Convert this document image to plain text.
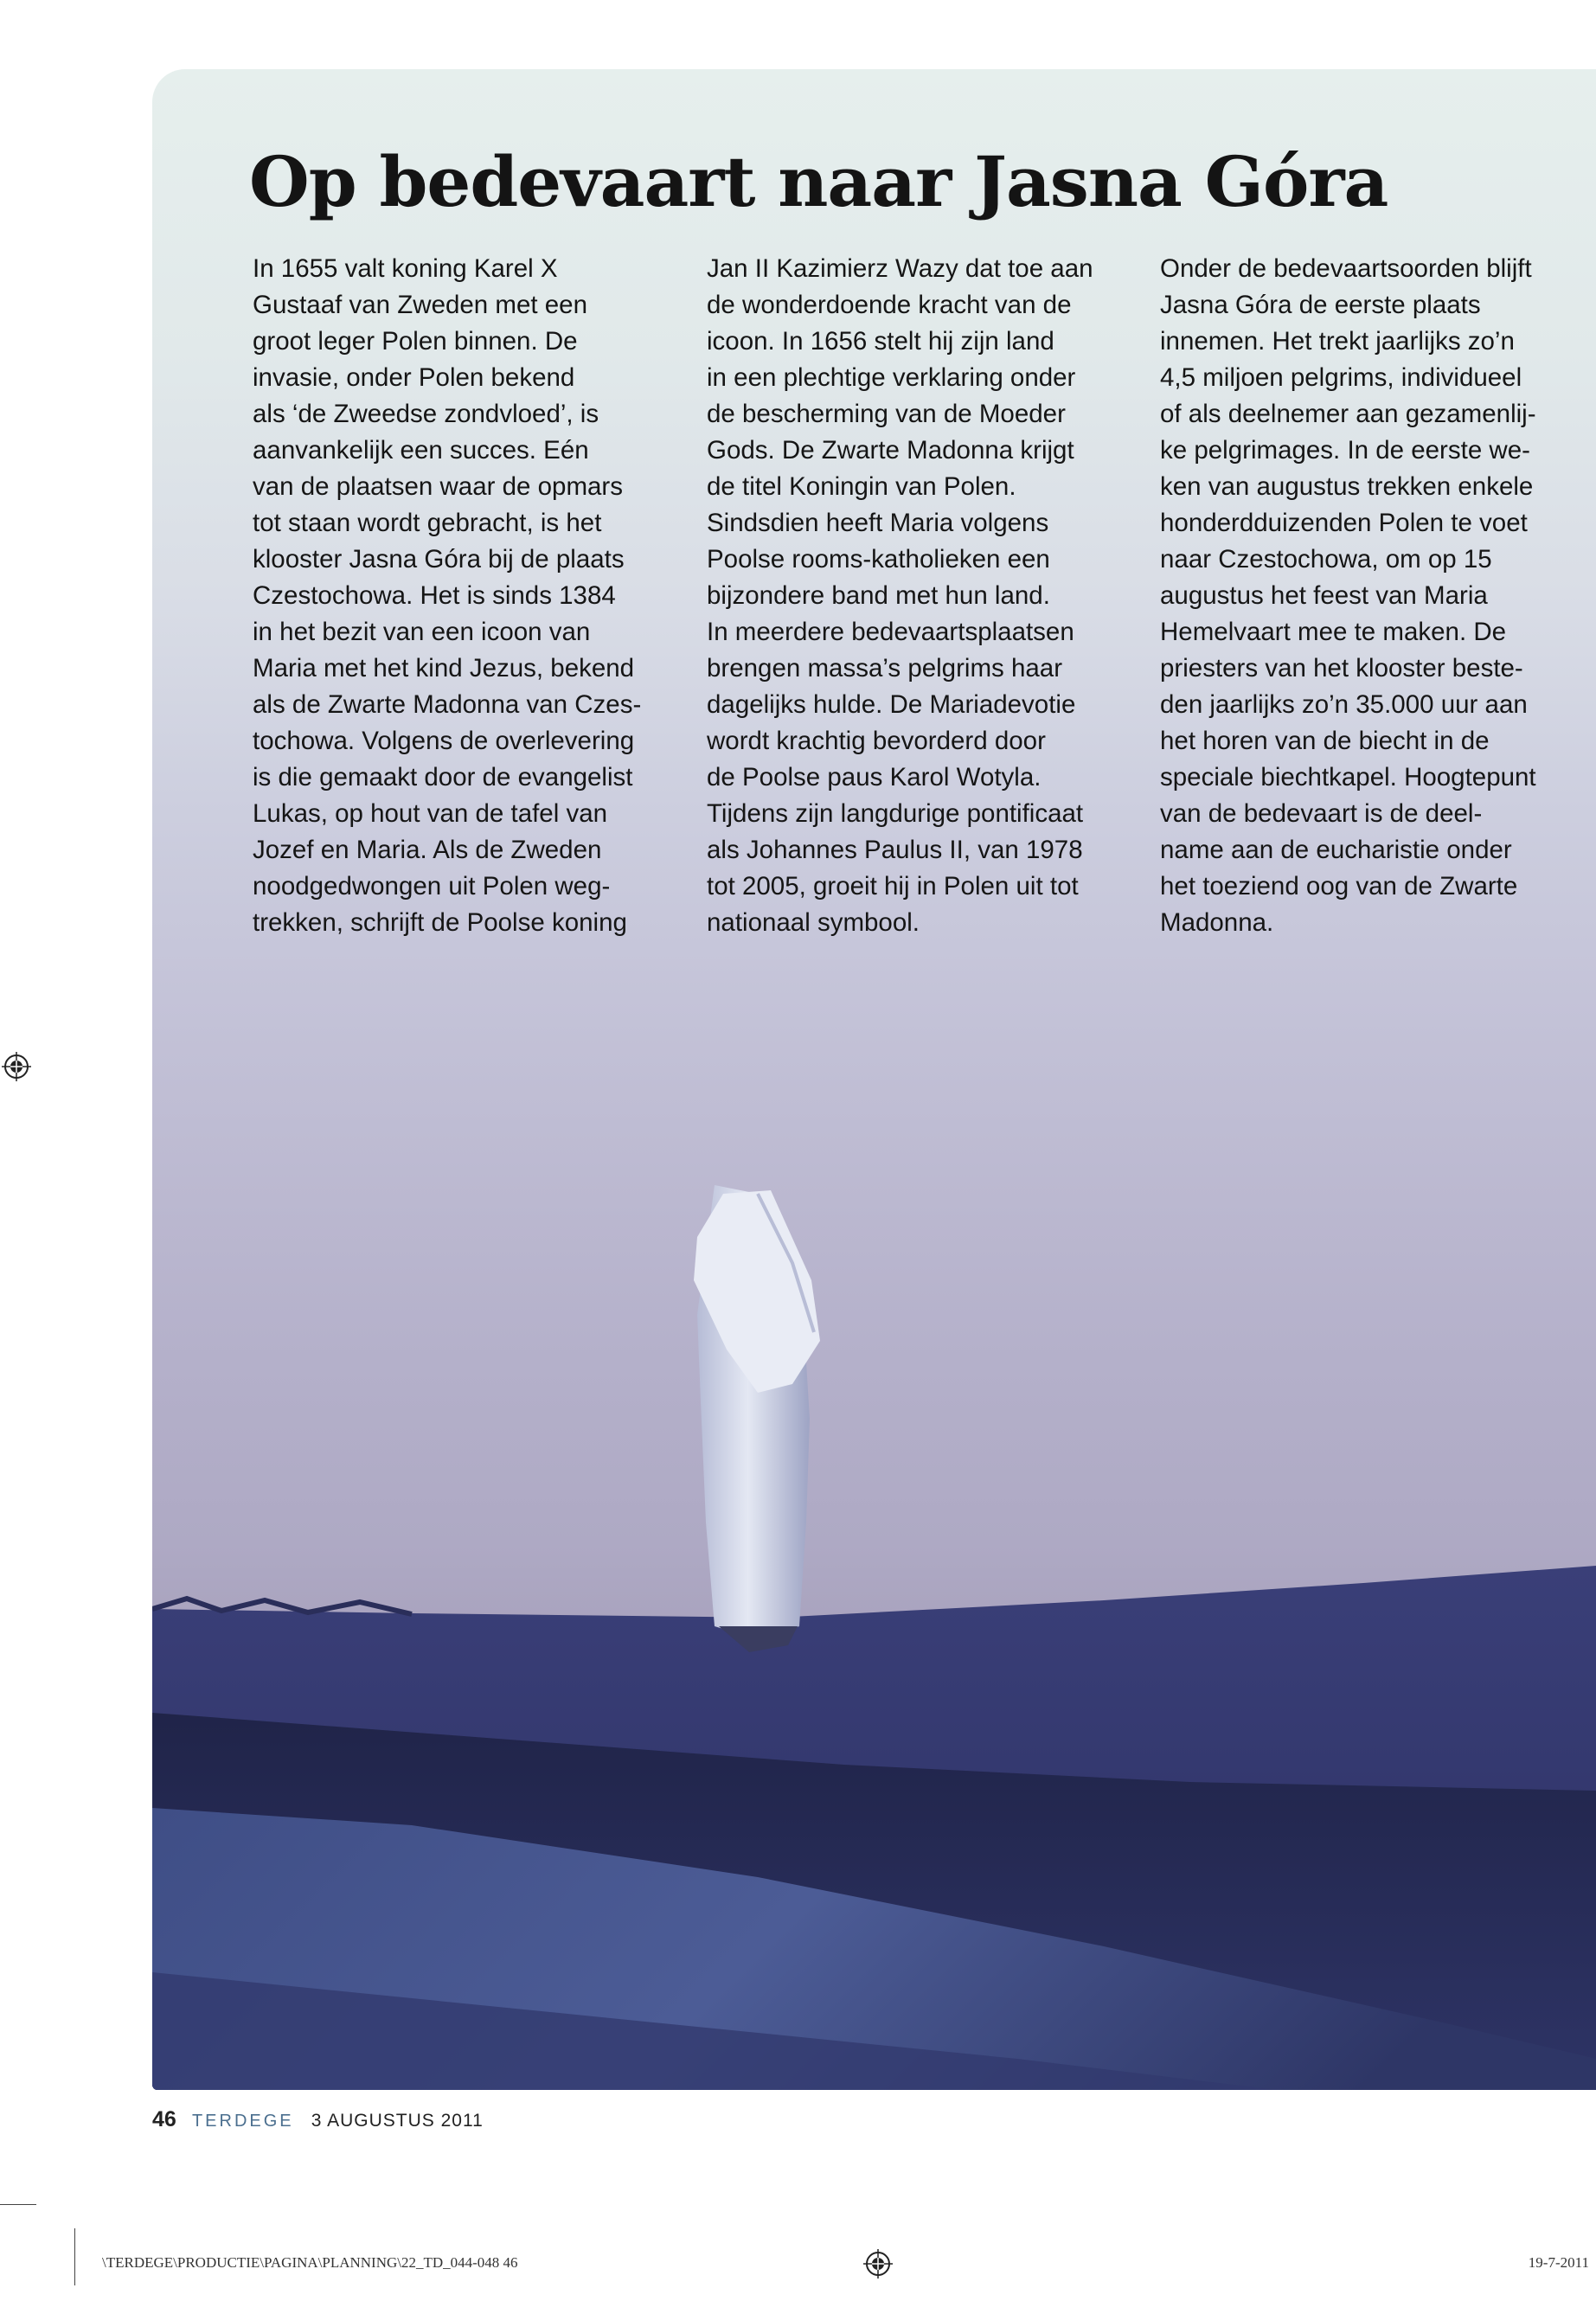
Op bedevaart naar Jasna Góra

In 1655 valt koning Karel X
Gustaaf van Zweden met een
groot leger Polen binnen. De
invasie, onder Polen bekend
als ‘de Zweedse zondvloed’, is
aanvankelijk een succes. Eén
van de plaatsen waar de opmars
tot staan wordt gebracht, is het
klooster Jasna Góra bij de plaats
Czestochowa. Het is sinds 1384
in het bezit van een icoon van
Maria met het kind Jezus, bekend
als de Zwarte Madonna van Czes-
tochowa. Volgens de overlevering
is die gemaakt door de evangelist
Lukas, op hout van de tafel van
Jozef en Maria. Als de Zweden
noodgedwongen uit Polen weg-
trekken, schrijft de Poolse koning

Jan II Kazimierz Wazy dat toe aan
de wonderdoende kracht van de
icoon. In 1656 stelt hij zijn land
in een plechtige verklaring onder
de bescherming van de Moeder
Gods. De Zwarte Madonna krijgt
de titel Koningin van Polen.
Sindsdien heeft Maria volgens
Poolse rooms-katholieken een
bijzondere band met hun land.
In meerdere bedevaartsplaatsen
brengen massa’s pelgrims haar
dagelijks hulde. De Mariadevotie
wordt krachtig bevorderd door
de Poolse paus Karol Wotyla.
Tijdens zijn langdurige pontificaat
als Johannes Paulus II, van 1978
tot 2005, groeit hij in Polen uit tot
nationaal symbool.

Onder de bedevaartsoorden blijft
Jasna Góra de eerste plaats
innemen. Het trekt jaarlijks zo’n
4,5 miljoen pelgrims, individueel
of als deelnemer aan gezamenlij-
ke pelgrimages. In de eerste we-
ken van augustus trekken enkele
honderdduizenden Polen te voet
naar Czestochowa, om op 15
augustus het feest van Maria
Hemelvaart mee te maken. De
priesters van het klooster beste-
den jaarlijks zo’n 35.000 uur aan
het horen van de biecht in de
speciale biechtkapel. Hoogtepunt
van de bedevaart is de deel-
name aan de eucharistie onder
het toeziend oog van de Zwarte
Madonna.

46 TERDEGE 3 AUGUSTUS 2011
\TERDEGE\PRODUCTIE\PAGINA\PLANNING\22_TD_044-048 46	19-7-2011
